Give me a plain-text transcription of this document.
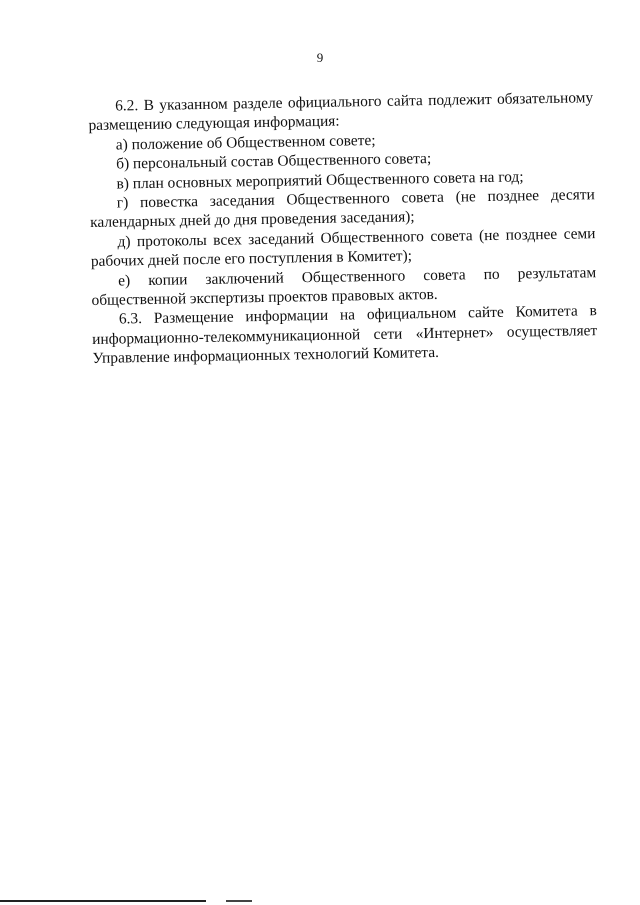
9

6.2. В указанном разделе официального сайта подлежит обязательному размещению следующая информация:

а) положение об Общественном совете;

б) персональный состав Общественного совета;

в) план основных мероприятий Общественного совета на год;

г) повестка заседания Общественного совета (не позднее десяти календарных дней до дня проведения заседания);

д) протоколы всех заседаний Общественного совета (не позднее семи рабочих дней после его поступления в Комитет);

е) копии заключений Общественного совета по результатам общественной экспертизы проектов правовых актов.

6.3. Размещение информации на официальном сайте Комитета в информационно-телекоммуникационной сети «Интернет» осуществляет Управление информационных технологий Комитета.
